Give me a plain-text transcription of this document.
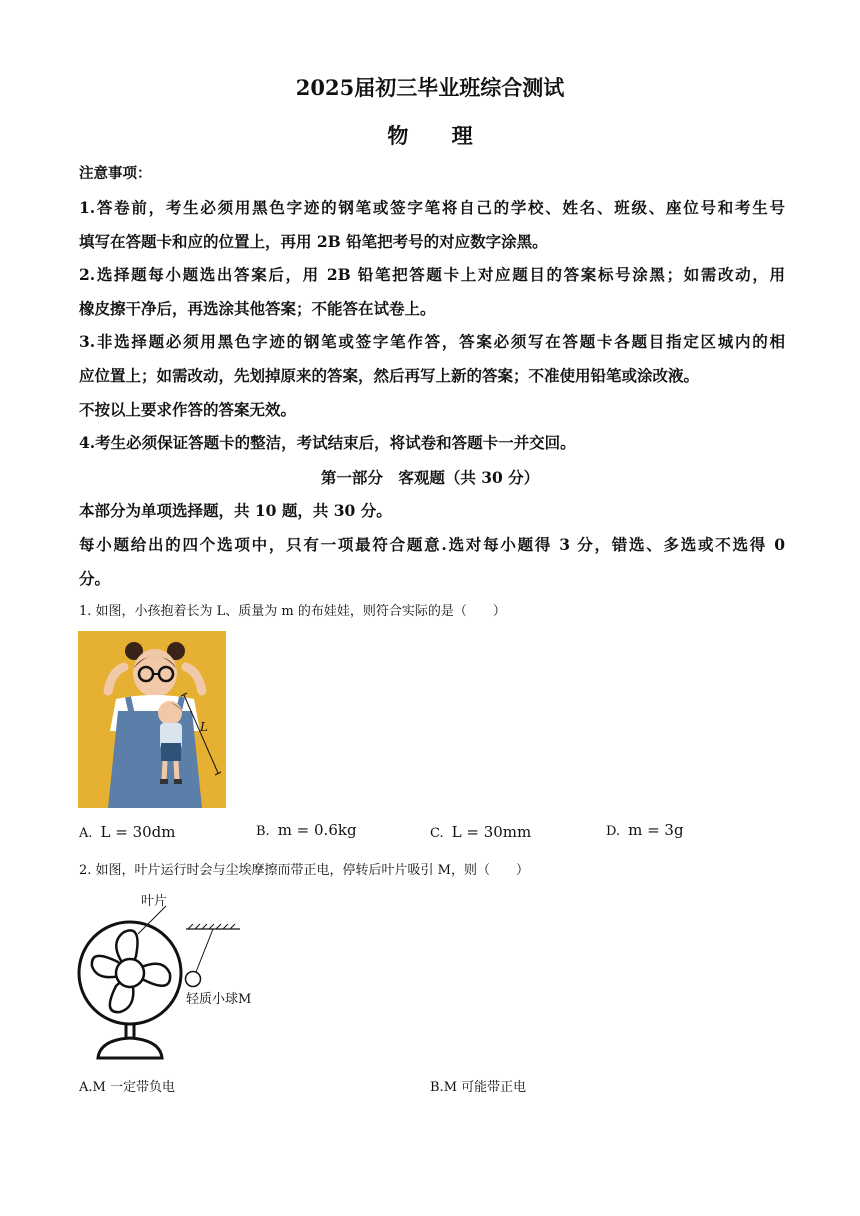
2025届初三毕业班综合测试
物 理
注意事项：
1.答卷前，考生必须用黑色字迹的钢笔或签字笔将自己的学校、姓名、班级、座位号和考生号
填写在答题卡和应的位置上，再用 2B 铅笔把考号的对应数字涂黑。
2.选择题每小题选出答案后，用 2B 铅笔把答题卡上对应题目的答案标号涂黑；如需改动，用
橡皮擦干净后，再选涂其他答案；不能答在试卷上。
3.非选择题必须用黑色字迹的钢笔或签字笔作答，答案必须写在答题卡各题目指定区城内的相
应位置上；如需改动，先划掉原来的答案，然后再写上新的答案；不准使用铅笔或涂改液。
不按以上要求作答的答案无效。
4.考生必须保证答题卡的整洁，考试结束后，将试卷和答题卡一并交回。
第一部分　客观题（共 30 分）
本部分为单项选择题，共 10 题，共 30 分。
每小题给出的四个选项中，只有一项最符合题意.选对每小题得 3 分，错选、多选或不选得 0
分。
1. 如图，小孩抱着长为 L、质量为 m 的布娃娃，则符合实际的是（　　）
L
A. L = 30dm	B. m = 0.6kg	C. L = 30mm	D. m = 3g
2. 如图，叶片运行时会与尘埃摩擦而带正电，停转后叶片吸引 M，则（　　）
叶片
轻质小球M
A.M 一定带负电	B.M 可能带正电
